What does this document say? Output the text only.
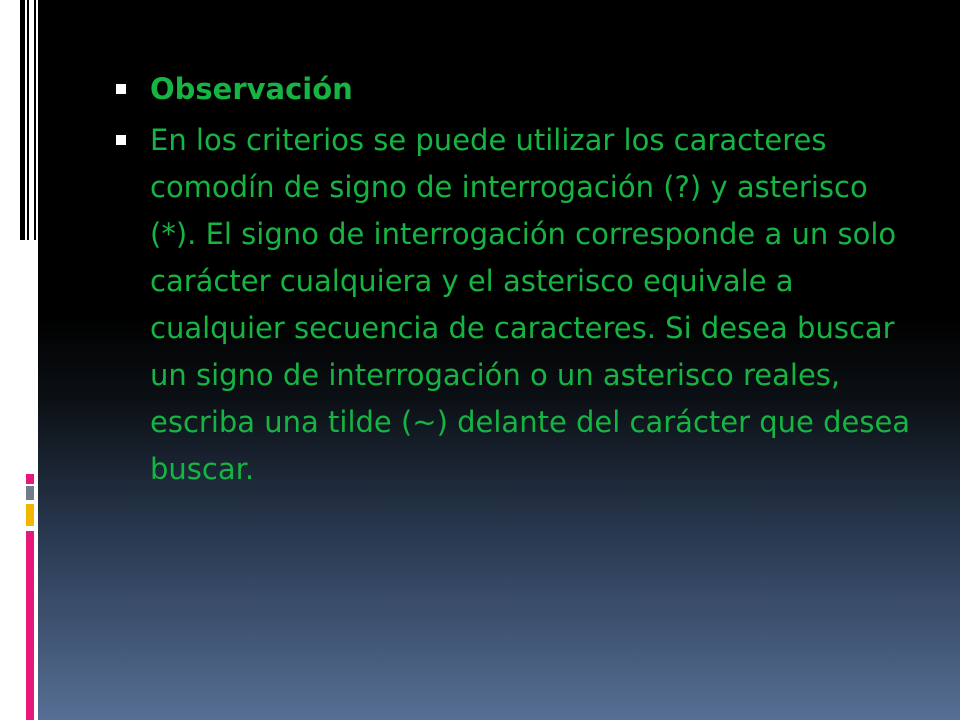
Observación
En los criterios se puede utilizar los caracteres comodín de signo de interrogación (?) y asterisco (*). El signo de interrogación corresponde a un solo carácter cualquiera y el asterisco equivale a cualquier secuencia de caracteres. Si desea buscar un signo de interrogación o un asterisco reales, escriba una tilde (~) delante del carácter que desea buscar.
